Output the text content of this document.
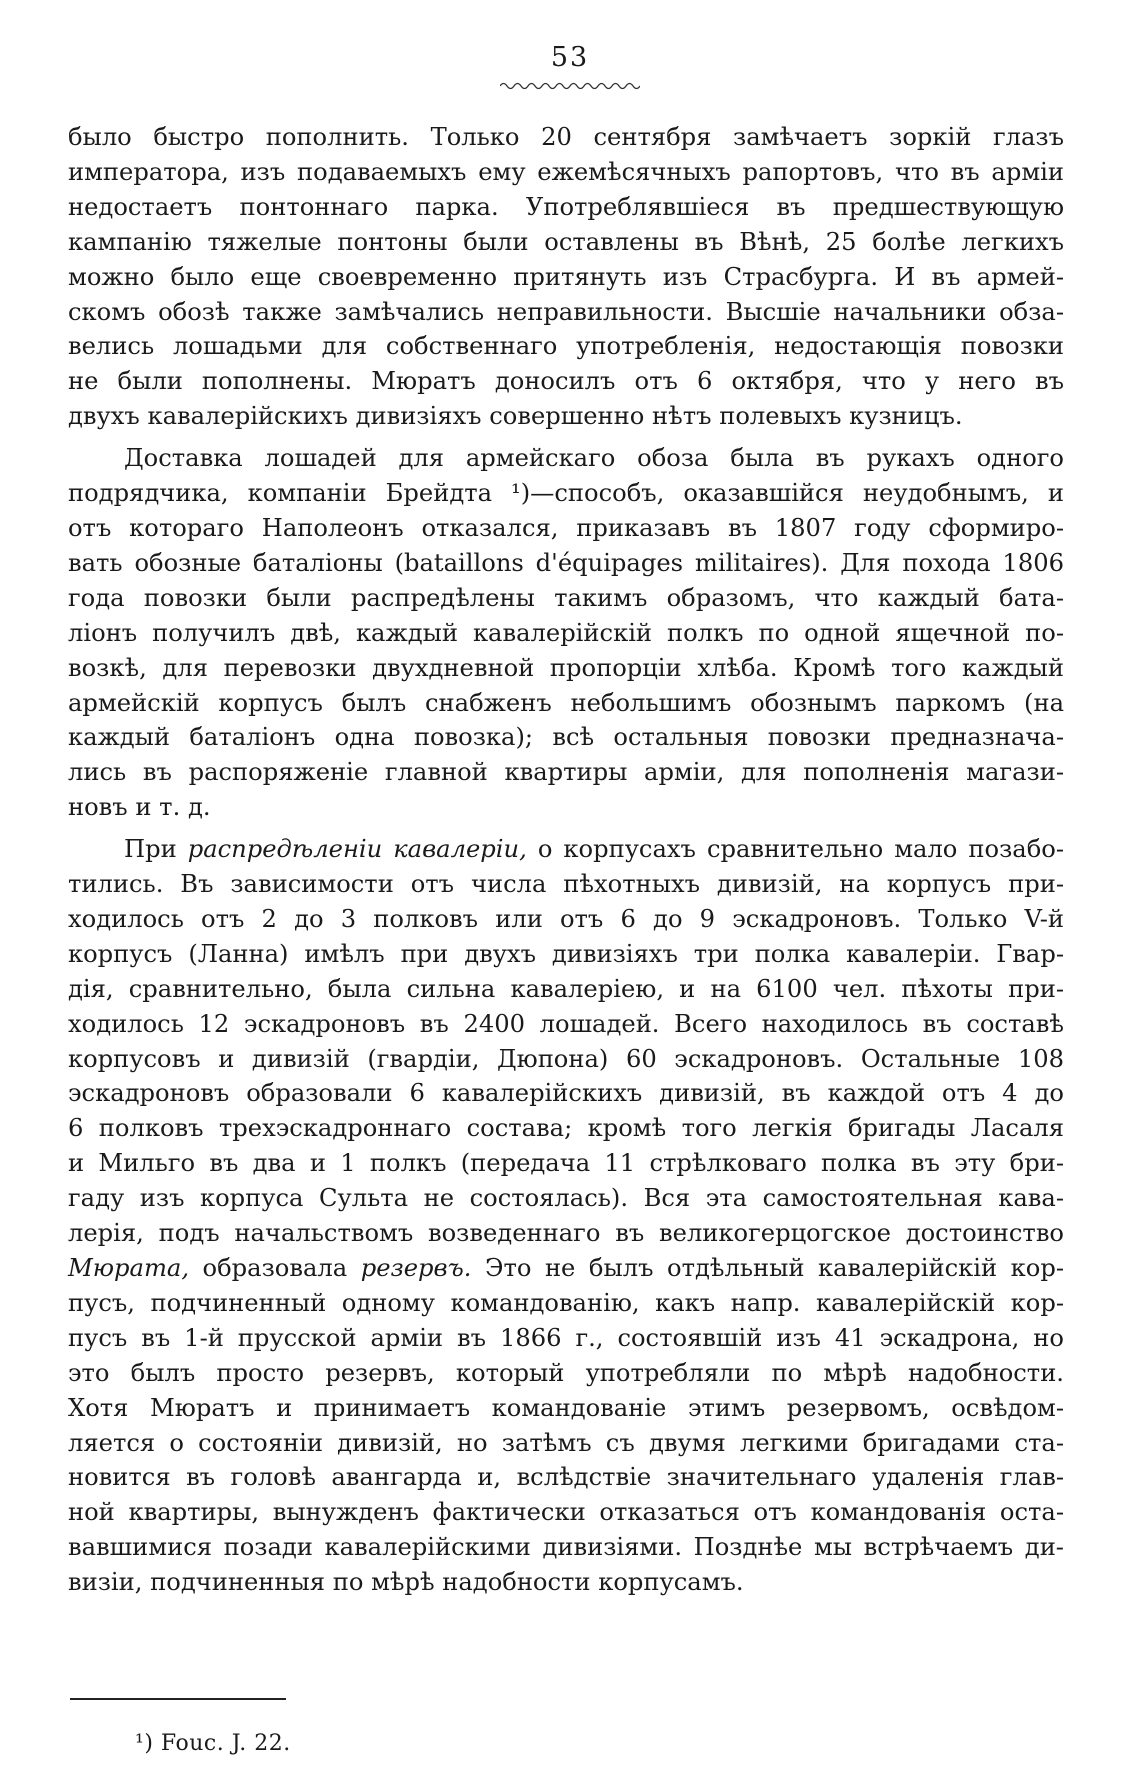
53
было быстро пополнить. Только 20 сентября замѣчаетъ зоркій глазъ
императора, изъ подаваемыхъ ему ежемѣсячныхъ рапортовъ, что въ арміи
недостаетъ понтоннаго парка. Употреблявшіеся въ предшествующую
кампанію тяжелые понтоны были оставлены въ Вѣнѣ, 25 болѣе легкихъ
можно было еще своевременно притянуть изъ Страсбурга. И въ армей-
скомъ обозѣ также замѣчались неправильности. Высшіе начальники обза-
велись лошадьми для собственнаго употребленія, недостающія повозки
не были пополнены. Мюратъ доносилъ отъ 6 октября, что у него въ
двухъ кавалерійскихъ дивизіяхъ совершенно нѣтъ полевыхъ кузницъ.
Доставка лошадей для армейскаго обоза была въ рукахъ одного
подрядчика, компаніи Брейдта ¹)—способъ, оказавшійся неудобнымъ, и
отъ котораго Наполеонъ отказался, приказавъ въ 1807 году сформиро-
вать обозные баталіоны (bataillons d'équipages militaires). Для похода 1806
года повозки были распредѣлены такимъ образомъ, что каждый бата-
ліонъ получилъ двѣ, каждый кавалерійскій полкъ по одной ящечной по-
возкѣ, для перевозки двухдневной пропорціи хлѣба. Кромѣ того каждый
армейскій корпусъ былъ снабженъ небольшимъ обознымъ паркомъ (на
каждый баталіонъ одна повозка); всѣ остальныя повозки предназнача-
лись въ распоряженіе главной квартиры арміи, для пополненія магази-
новъ и т. д.
При распредѣленіи кавалеріи, о корпусахъ сравнительно мало позабо-
тились. Въ зависимости отъ числа пѣхотныхъ дивизій, на корпусъ при-
ходилось отъ 2 до 3 полковъ или отъ 6 до 9 эскадроновъ. Только V-й
корпусъ (Ланна) имѣлъ при двухъ дивизіяхъ три полка кавалеріи. Гвар-
дія, сравнительно, была сильна кавалеріею, и на 6100 чел. пѣхоты при-
ходилось 12 эскадроновъ въ 2400 лошадей. Всего находилось въ составѣ
корпусовъ и дивизій (гвардіи, Дюпона) 60 эскадроновъ. Остальные 108
эскадроновъ образовали 6 кавалерійскихъ дивизій, въ каждой отъ 4 до
6 полковъ трехэскадроннаго состава; кромѣ того легкія бригады Ласаля
и Мильго въ два и 1 полкъ (передача 11 стрѣлковаго полка въ эту бри-
гаду изъ корпуса Сульта не состоялась). Вся эта самостоятельная кава-
лерія, подъ начальствомъ возведеннаго въ великогерцогское достоинство
Мюрата, образовала резервъ. Это не былъ отдѣльный кавалерійскій кор-
пусъ, подчиненный одному командованію, какъ напр. кавалерійскій кор-
пусъ въ 1-й прусской арміи въ 1866 г., состоявшій изъ 41 эскадрона, но
это былъ просто резервъ, который употребляли по мѣрѣ надобности.
Хотя Мюратъ и принимаетъ командованіе этимъ резервомъ, освѣдом-
ляется о состояніи дивизій, но затѣмъ съ двумя легкими бригадами ста-
новится въ головѣ авангарда и, вслѣдствіе значительнаго удаленія глав-
ной квартиры, вынужденъ фактически отказаться отъ командованія оста-
вавшимися позади кавалерійскими дивизіями. Позднѣе мы встрѣчаемъ ди-
визіи, подчиненныя по мѣрѣ надобности корпусамъ.
¹) Fouc. J. 22.
